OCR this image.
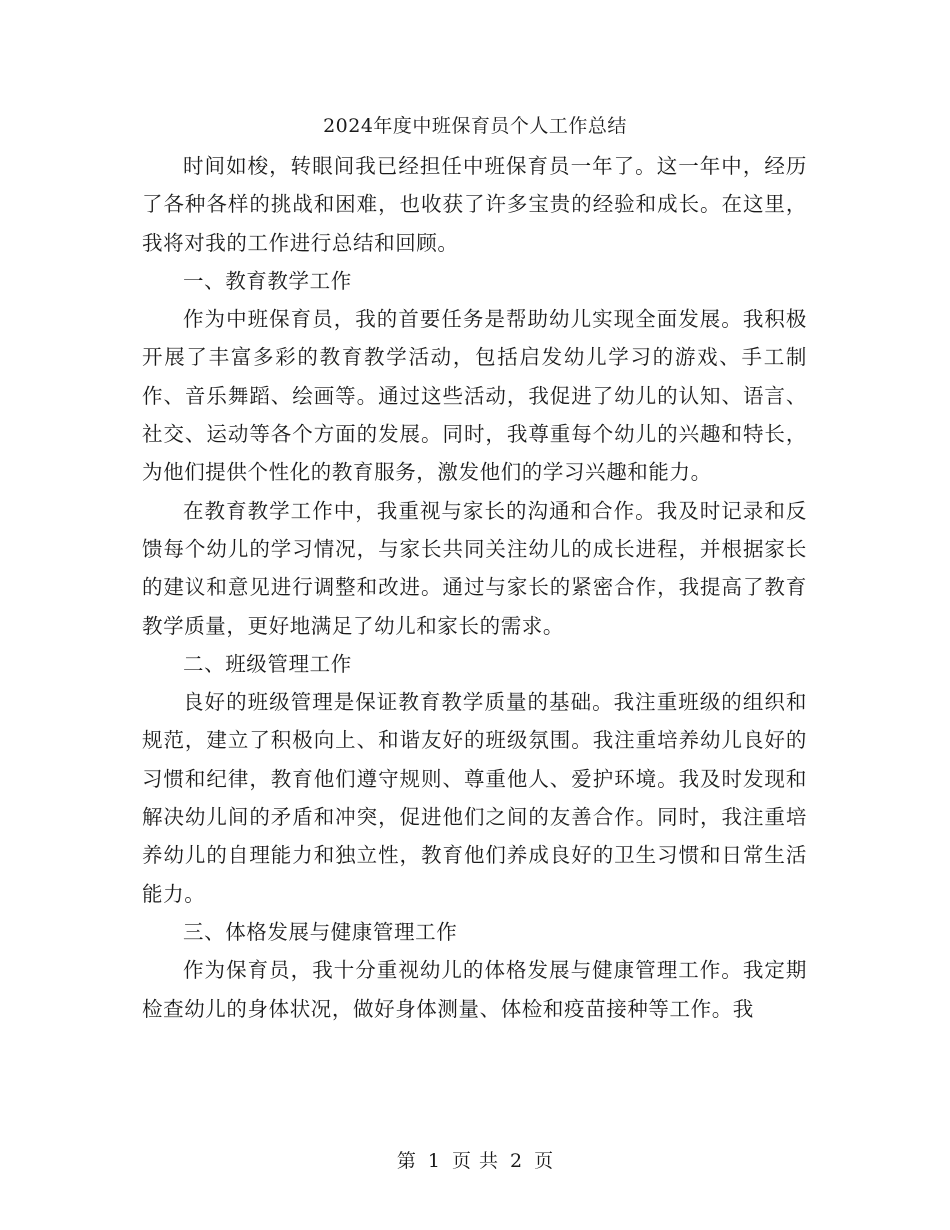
2024年度中班保育员个人工作总结

时间如梭，转眼间我已经担任中班保育员一年了。这一年中，经历了各种各样的挑战和困难，也收获了许多宝贵的经验和成长。在这里，我将对我的工作进行总结和回顾。

一、教育教学工作

作为中班保育员，我的首要任务是帮助幼儿实现全面发展。我积极开展了丰富多彩的教育教学活动，包括启发幼儿学习的游戏、手工制作、音乐舞蹈、绘画等。通过这些活动，我促进了幼儿的认知、语言、社交、运动等各个方面的发展。同时，我尊重每个幼儿的兴趣和特长，为他们提供个性化的教育服务，激发他们的学习兴趣和能力。

在教育教学工作中，我重视与家长的沟通和合作。我及时记录和反馈每个幼儿的学习情况，与家长共同关注幼儿的成长进程，并根据家长的建议和意见进行调整和改进。通过与家长的紧密合作，我提高了教育教学质量，更好地满足了幼儿和家长的需求。

二、班级管理工作

良好的班级管理是保证教育教学质量的基础。我注重班级的组织和规范，建立了积极向上、和谐友好的班级氛围。我注重培养幼儿良好的习惯和纪律，教育他们遵守规则、尊重他人、爱护环境。我及时发现和解决幼儿间的矛盾和冲突，促进他们之间的友善合作。同时，我注重培养幼儿的自理能力和独立性，教育他们养成良好的卫生习惯和日常生活能力。

三、体格发展与健康管理工作

作为保育员，我十分重视幼儿的体格发展与健康管理工作。我定期检查幼儿的身体状况，做好身体测量、体检和疫苗接种等工作。我

第 1 页 共 2 页
